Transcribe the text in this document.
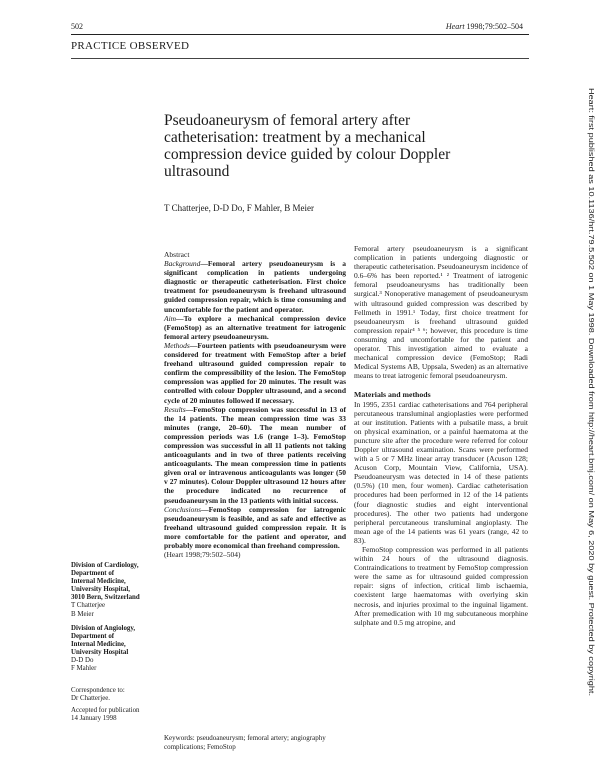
502	Heart 1998;79:502–504
PRACTICE OBSERVED
Pseudoaneurysm of femoral artery after catheterisation: treatment by a mechanical compression device guided by colour Doppler ultrasound
T Chatterjee, D-D Do, F Mahler, B Meier

Abstract

Background—Femoral artery pseudoaneurysm is a significant complication in patients undergoing diagnostic or therapeutic catheterisation. First choice treatment for pseudoaneurysm is freehand ultrasound guided compression repair, which is time consuming and uncomfortable for the patient and operator.

Aim—To explore a mechanical compression device (FemoStop) as an alternative treatment for iatrogenic femoral artery pseudoaneurysm.

Methods—Fourteen patients with pseudoaneurysm were considered for treatment with FemoStop after a brief freehand ultrasound guided compression repair to confirm the compressibility of the lesion. The FemoStop compression was applied for 20 minutes. The result was controlled with colour Doppler ultrasound, and a second cycle of 20 minutes followed if necessary.

Results—FemoStop compression was successful in 13 of the 14 patients. The mean compression time was 33 minutes (range, 20–60). The mean number of compression periods was 1.6 (range 1–3). FemoStop compression was successful in all 11 patients not taking anticoagulants and in two of three patients receiving anticoagulants. The mean compression time in patients given oral or intravenous anticoagulants was longer (50 v 27 minutes). Colour Doppler ultrasound 12 hours after the procedure indicated no recurrence of pseudoaneurysm in the 13 patients with initial success.

Conclusions—FemoStop compression for iatrogenic pseudoaneurysm is feasible, and as safe and effective as freehand ultrasound guided compression repair. It is more comfortable for the patient and operator, and probably more economical than freehand compression.

(Heart 1998;79:502–504)

Keywords: pseudoaneurysm; femoral artery; angiography complications; FemoStop

Femoral artery pseudoaneurysm is a significant complication in patients undergoing diagnostic or therapeutic catheterisation. Pseudoaneurysm incidence of 0.6–6% has been reported.¹ ² Treatment of iatrogenic femoral pseudoaneurysms has traditionally been surgical.³ Nonoperative management of pseudoaneurysm with ultrasound guided compression was described by Fellmeth in 1991.¹ Today, first choice treatment for pseudoaneurysm is freehand ultrasound guided compression repair⁴ ⁵ ⁶; however, this procedure is time consuming and uncomfortable for the patient and operator. This investigation aimed to evaluate a mechanical compression device (FemoStop; Radi Medical Systems AB, Uppsala, Sweden) as an alternative means to treat iatrogenic femoral pseudoaneurysm.

Materials and methods

In 1995, 2351 cardiac catheterisations and 764 peripheral percutaneous transluminal angioplasties were performed at our institution. Patients with a pulsatile mass, a bruit on physical examination, or a painful haematoma at the puncture site after the procedure were referred for colour Doppler ultrasound examination. Scans were performed with a 5 or 7 MHz linear array transducer (Acuson 128; Acuson Corp, Mountain View, California, USA). Pseudoaneurysm was detected in 14 of these patients (0.5%) (10 men, four women). Cardiac catheterisation procedures had been performed in 12 of the 14 patients (four diagnostic studies and eight interventional procedures). The other two patients had undergone peripheral percutaneous transluminal angioplasty. The mean age of the 14 patients was 61 years (range, 42 to 83).

FemoStop compression was performed in all patients within 24 hours of the ultrasound diagnosis. Contraindications to treatment by FemoStop compression were the same as for ultrasound guided compression repair: signs of infection, critical limb ischaemia, coexistent large haematomas with overlying skin necrosis, and injuries proximal to the inguinal ligament. After premedication with 10 mg subcutaneous morphine sulphate and 0.5 mg atropine, and

Division of Cardiology,
Department of
Internal Medicine,
University Hospital,
3010 Bern, Switzerland
T Chatterjee
B Meier
Division of Angiology,
Department of
Internal Medicine,
University Hospital
D-D Do
F Mahler
Correspondence to:
Dr Chatterjee.
Accepted for publication
14 January 1998
Heart: first published as 10.1136/hrt.79.5.502 on 1 May 1998. Downloaded from http://heart.bmj.com/ on May 6, 2020 by guest. Protected by copyright.
